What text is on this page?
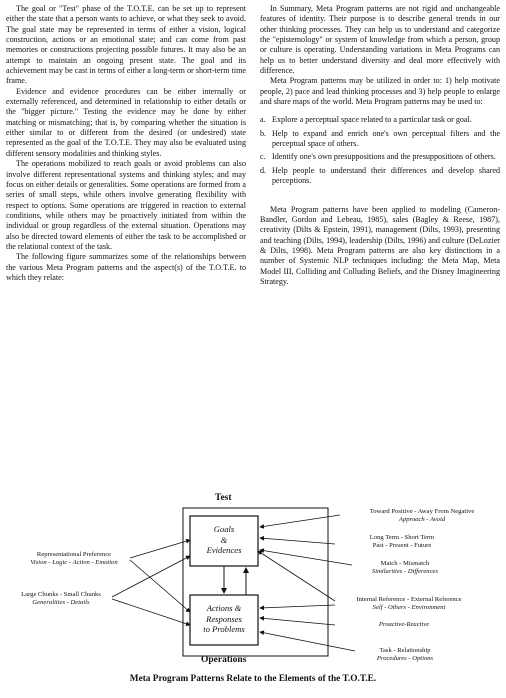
The goal or "Test" phase of the T.O.T.E. can be set up to represent either the state that a person wants to achieve, or what they seek to avoid. The goal state may be represented in terms of either a vision, logical construction, actions or an emotional state; and can come from past memories or constructions projecting possible futures. It may also be an attempt to maintain an ongoing present state. The goal and its achievement may be cast in terms of either a long-term or short-term time frame.

Evidence and evidence procedures can be either internally or externally referenced, and determined in relationship to either details or the "bigger picture." Testing the evidence may be done by either matching or mismatching; that is, by comparing whether the situation is either similar to or different from the desired (or undesired) state represented as the goal of the T.O.T.E. They may also be evaluated using different sensory modalities and thinking styles.

The operations mobilized to reach goals or avoid problems can also involve different representational systems and thinking styles; and may focus on either details or generalities. Some operations are formed from a series of small steps, while others involve generating flexibility with respect to options. Some operations are triggered in reaction to external conditions, while others may be proactively initiated from within the individual or group regardless of the external situation. Operations may also be directed toward elements of either the task to be accomplished or the relational context of the task.

The following figure summarizes some of the relationships between the various Meta Program patterns and the aspect(s) of the T.O.T.E. to which they relate:

In Summary, Meta Program patterns are not rigid and unchangeable features of identity. Their purpose is to describe general trends in our other thinking processes. They can help us to understand and categorize the "epistemology" or system of knowledge from which a person, group or culture is operating. Understanding variations in Meta Programs can help us to better understand diversity and deal more effectively with difference.

Meta Program patterns may be utilized in order to: 1) help motivate people, 2) pace and lead thinking processes and 3) help people to enlarge and share maps of the world. Meta Program patterns may be used to:

a. Explore a perceptual space related to a particular task or goal.
b. Help to expand and enrich one's own perceptual filters and the perceptual space of others.
c. Identify one's own presuppositions and the presuppositions of others.
d. Help people to understand their differences and develop shared perceptions.

Meta Program patterns have been applied to modeling (Cameron-Bandler, Gordon and Lebeau, 1985), sales (Bagley & Reese, 1987), creativity (Dilts & Epstein, 1991), management (Dilts, 1993), presenting and teaching (Dilts, 1994), leadership (Dilts, 1996) and culture (DeLozier & Dilts, 1998). Meta Program patterns are also key distinctions in a number of Systemic NLP techniques including: the Meta Map, Meta Model III, Colliding and Colluding Beliefs, and the Disney Imagineering Strategy.

Test
Operations
Goals
&
Evidences
Actions &
Responses
to Problems
Toward Positive - Away From Negative
Approach - Avoid
Long Term - Short Term
Past - Present - Future
Match - Mismatch
Similarities - Differences
Representational Preference
Vision - Logic - Action - Emotion
Large Chunks - Small Chunks
Generalities - Details	Internal Reference - External Reference
Self - Others - Environment
Proactive-Reactive
Task - Relationship
Procedures - Options
Meta Program Patterns Relate to the Elements of the T.O.T.E.
